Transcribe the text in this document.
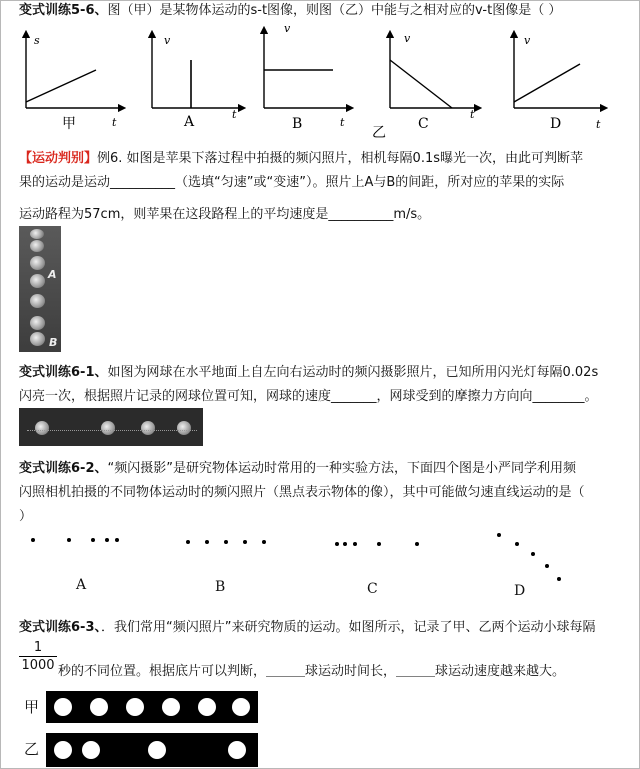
变式训练5-6、图（甲）是某物体运动的s-t图像，则图（乙）中能与之相对应的v-t图像是（ ）
s
t
甲
v
t
A
v
t
B
v
t
C
乙
v
t
D
【运动判别】例6. 如图是苹果下落过程中拍摄的频闪照片，相机每隔0.1s曝光一次，由此可判断苹
果的运动是运动__________（选填“匀速”或“变速”）。照片上A与B的间距，所对应的苹果的实际
运动路程为57cm，则苹果在这段路程上的平均速度是__________m/s。
A
B
变式训练6-1、如图为网球在水平地面上自左向右运动时的频闪摄影照片，已知所用闪光灯每隔0.02s
闪亮一次，根据照片记录的网球位置可知，网球的速度_______，网球受到的摩擦力方向向________。
变式训练6-2、“频闪摄影”是研究物体运动时常用的一种实验方法，下面四个图是小严同学利用频
闪照相机拍摄的不同物体运动时的频闪照片（黑点表示物体的像），其中可能做匀速直线运动的是（
）
A	B	C	D
变式训练6-3、．我们常用“频闪照片”来研究物质的运动。如图所示，记录了甲、乙两个运动小球每隔
$\frac{1}{1000}$ 秒的不同位置。根据底片可以判断，＿＿＿球运动时间长，＿＿＿球运动速度越来越大。
甲
乙
